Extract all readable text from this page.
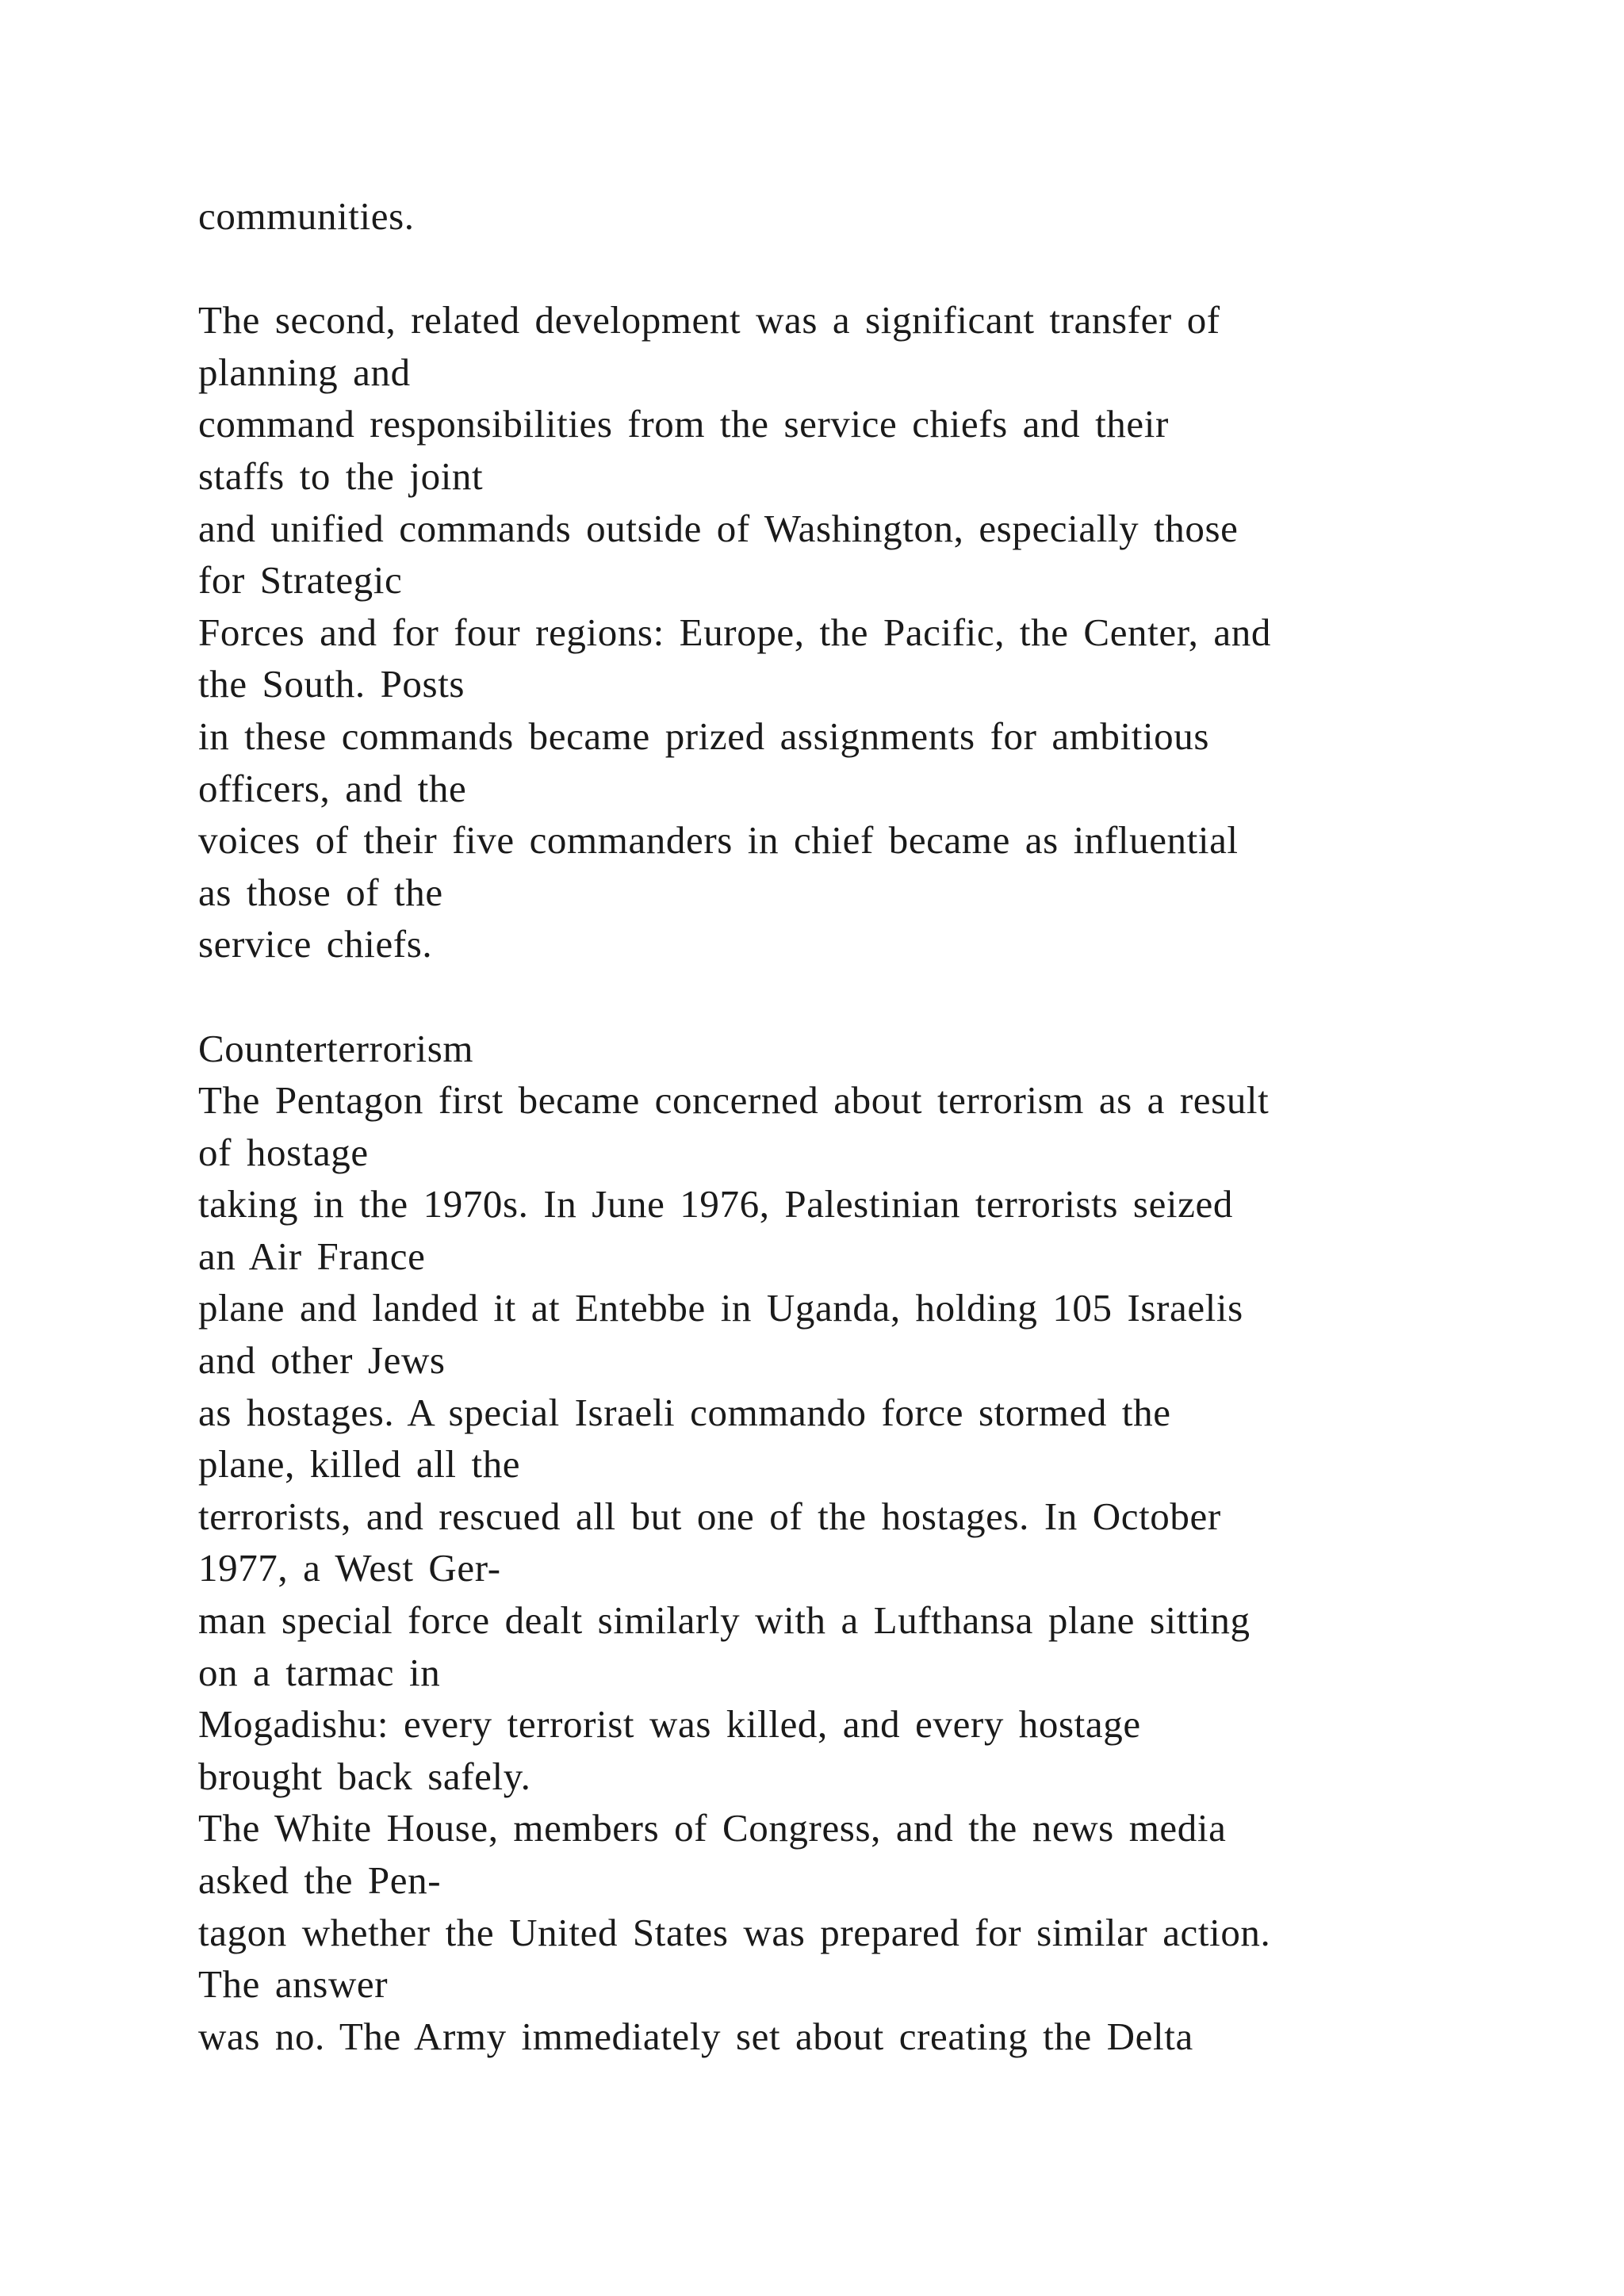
communities.
The second, related development was a significant transfer of
planning and
command responsibilities from the service chiefs and their
staffs to the joint
and unified commands outside of Washington, especially those
for Strategic
Forces and for four regions: Europe, the Pacific, the Center, and
the South. Posts
in these commands became prized assignments for ambitious
officers, and the
voices of their five commanders in chief became as influential
as those of the
service chiefs.
Counterterrorism
The Pentagon first became concerned about terrorism as a result
of hostage
taking in the 1970s. In June 1976, Palestinian terrorists seized
an Air France
plane and landed it at Entebbe in Uganda, holding 105 Israelis
and other Jews
as hostages. A special Israeli commando force stormed the
plane, killed all the
terrorists, and rescued all but one of the hostages. In October
1977, a West Ger-
man special force dealt similarly with a Lufthansa plane sitting
on a tarmac in
Mogadishu: every terrorist was killed, and every hostage
brought back safely.
The White House, members of Congress, and the news media
asked the Pen-
tagon whether the United States was prepared for similar action.
The answer
was no. The Army immediately set about creating the Delta
